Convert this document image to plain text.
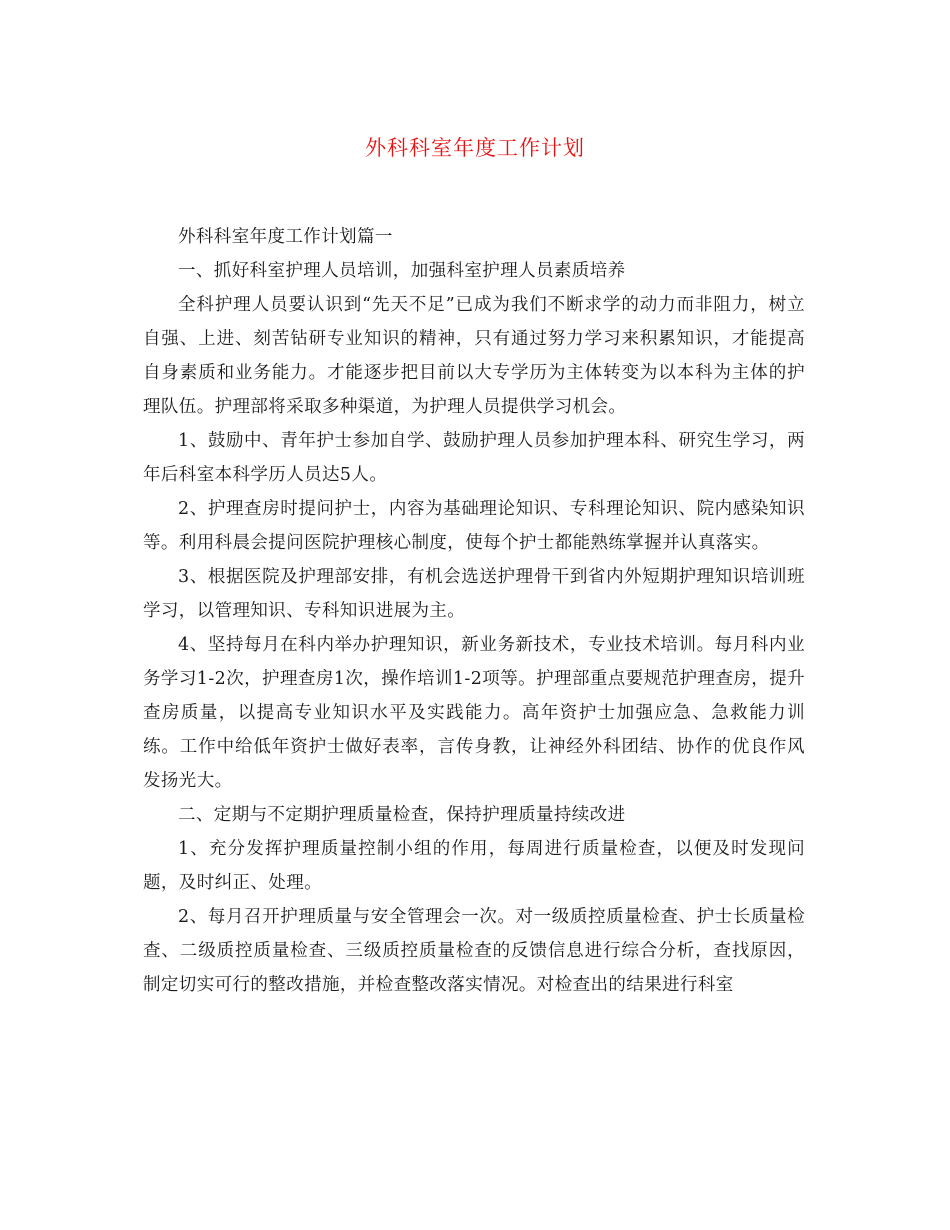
外科科室年度工作计划

外科科室年度工作计划篇一

一、抓好科室护理人员培训，加强科室护理人员素质培养

全科护理人员要认识到“先天不足”已成为我们不断求学的动力而非阻力，树立自强、上进、刻苦钻研专业知识的精神，只有通过努力学习来积累知识，才能提高自身素质和业务能力。才能逐步把目前以大专学历为主体转变为以本科为主体的护理队伍。护理部将采取多种渠道，为护理人员提供学习机会。

1、鼓励中、青年护士参加自学、鼓励护理人员参加护理本科、研究生学习，两年后科室本科学历人员达5人。

2、护理查房时提问护士，内容为基础理论知识、专科理论知识、院内感染知识等。利用科晨会提问医院护理核心制度，使每个护士都能熟练掌握并认真落实。

3、根据医院及护理部安排，有机会选送护理骨干到省内外短期护理知识培训班学习，以管理知识、专科知识进展为主。

4、坚持每月在科内举办护理知识，新业务新技术，专业技术培训。每月科内业务学习1-2次，护理查房1次，操作培训1-2项等。护理部重点要规范护理查房，提升查房质量，以提高专业知识水平及实践能力。高年资护士加强应急、急救能力训练。工作中给低年资护士做好表率，言传身教，让神经外科团结、协作的优良作风发扬光大。

二、定期与不定期护理质量检查，保持护理质量持续改进

1、充分发挥护理质量控制小组的作用，每周进行质量检查，以便及时发现问题，及时纠正、处理。

2、每月召开护理质量与安全管理会一次。对一级质控质量检查、护士长质量检查、二级质控质量检查、三级质控质量检查的反馈信息进行综合分析，查找原因，制定切实可行的整改措施，并检查整改落实情况。对检查出的结果进行科室
